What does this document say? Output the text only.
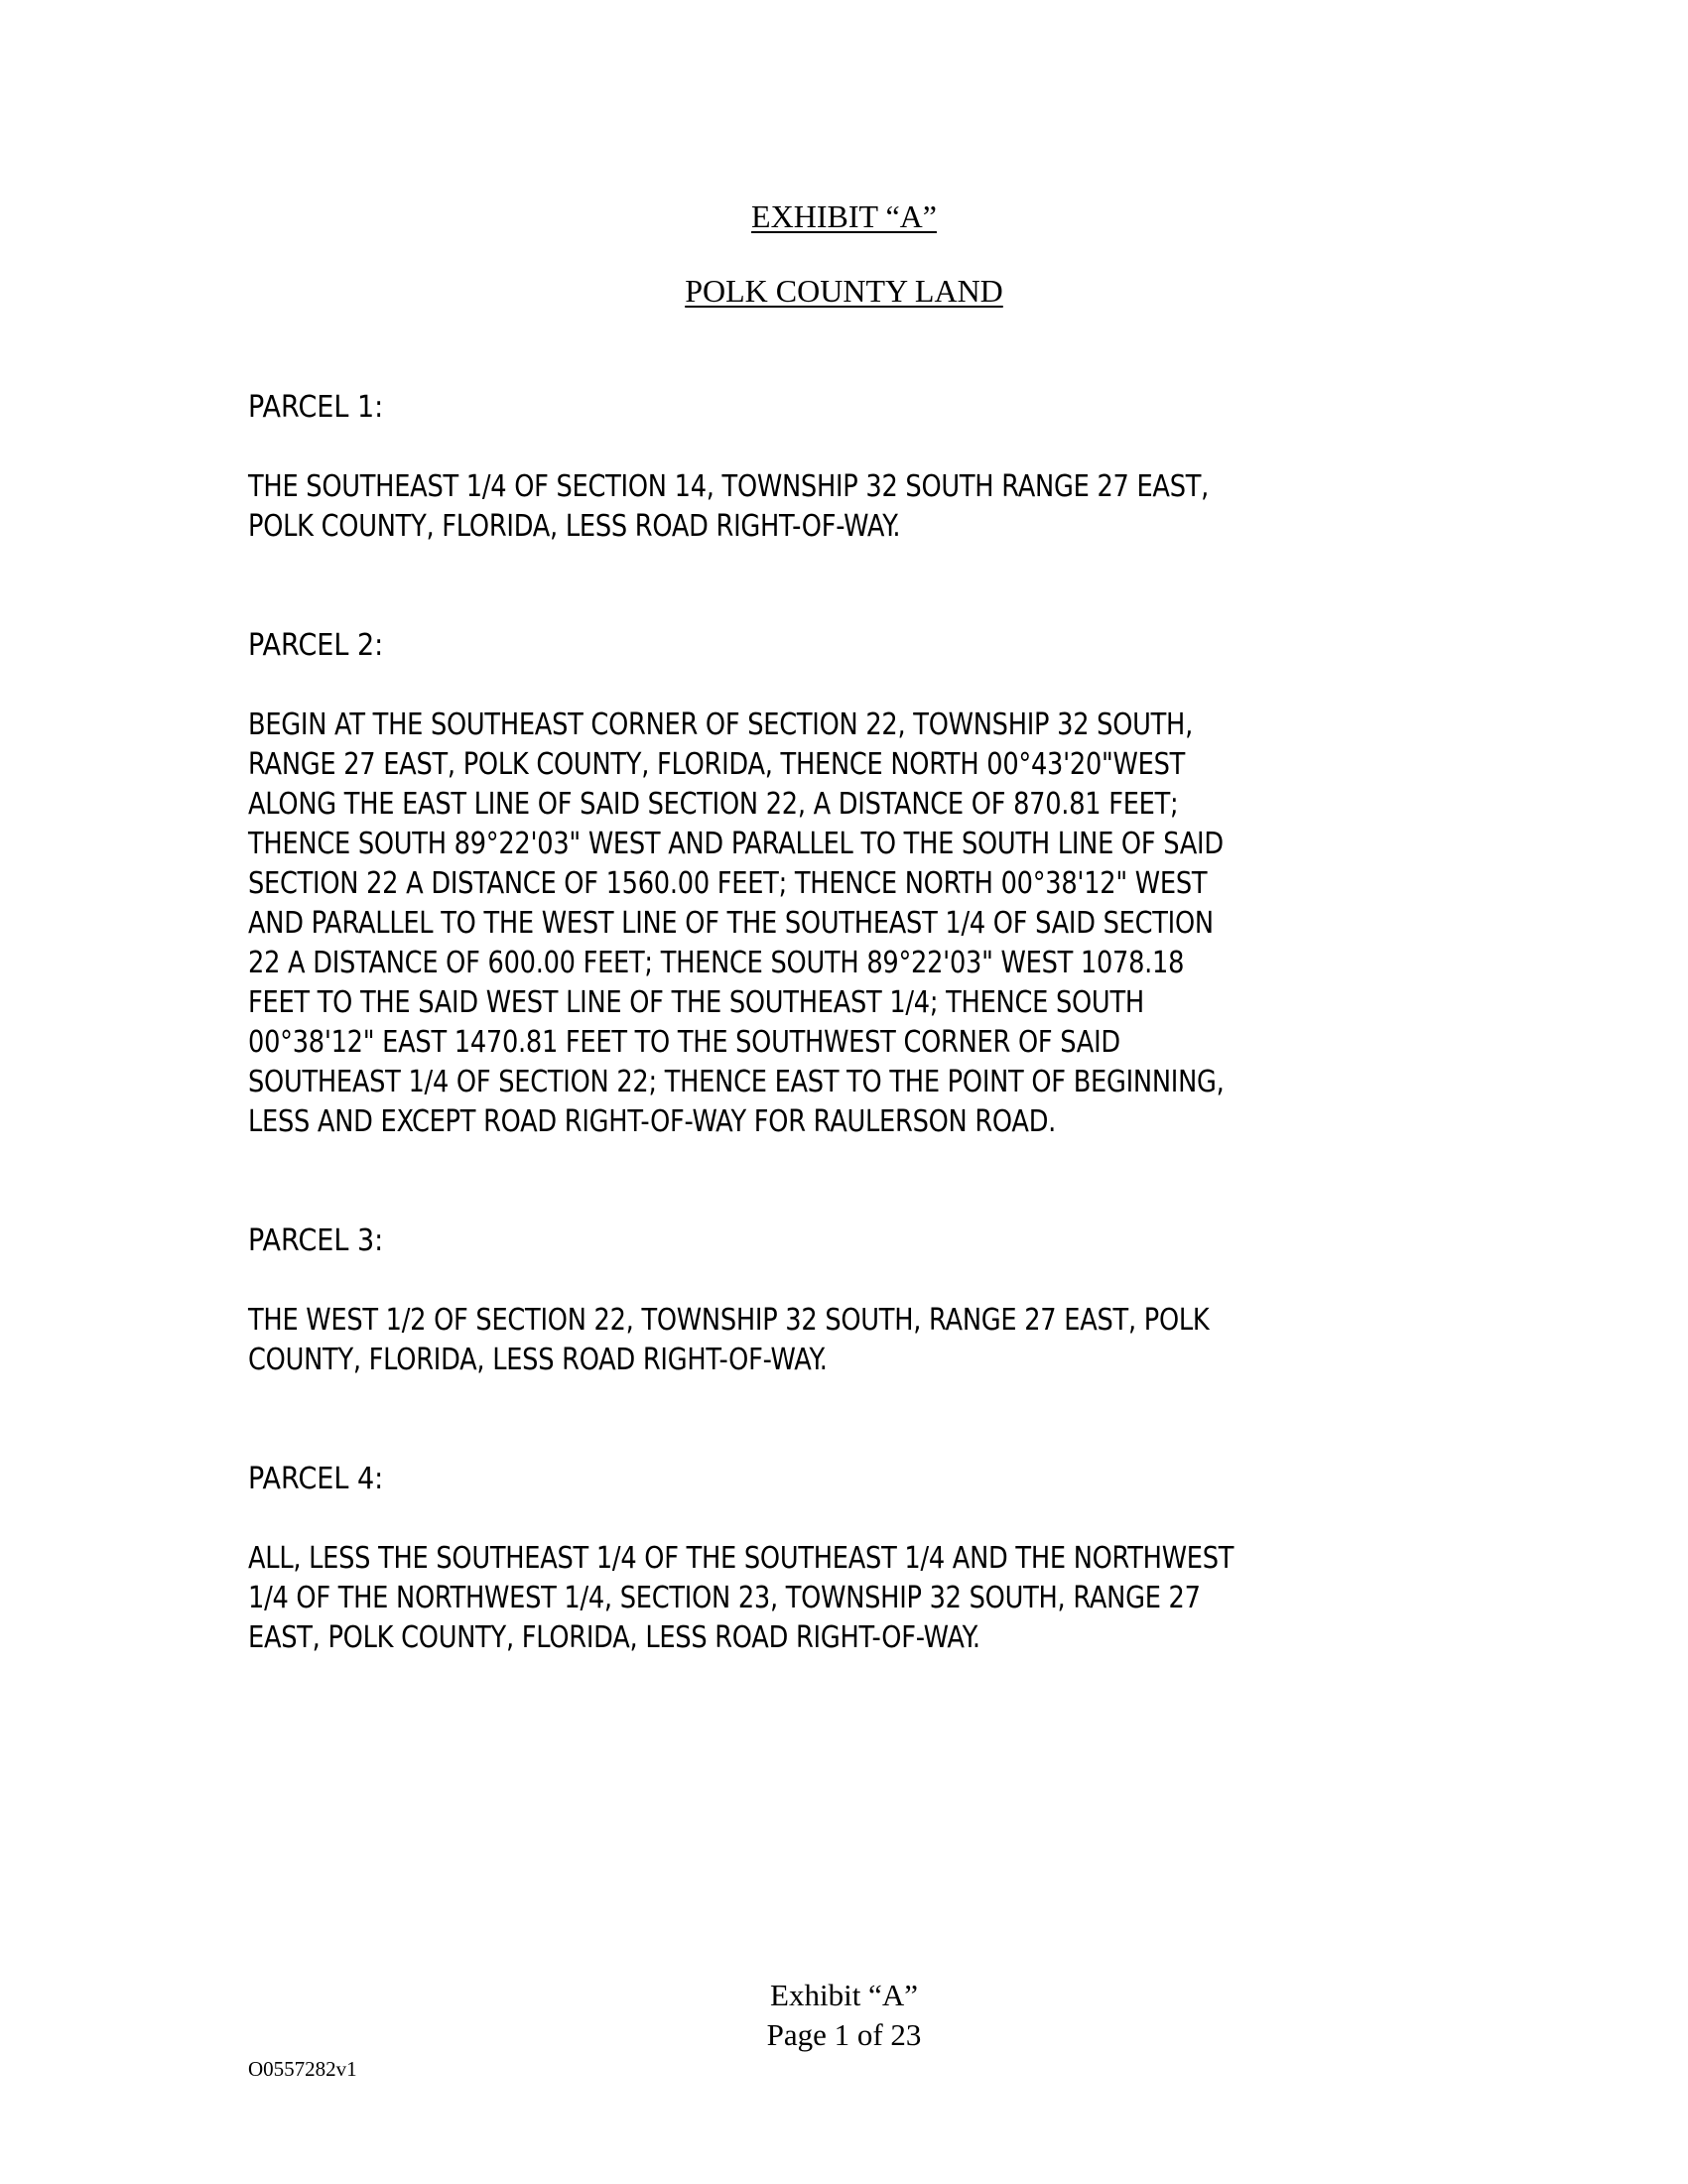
EXHIBIT “A”
POLK COUNTY LAND
PARCEL 1:
THE SOUTHEAST 1/4 OF SECTION 14, TOWNSHIP 32 SOUTH RANGE 27 EAST,
POLK COUNTY, FLORIDA, LESS ROAD RIGHT-OF-WAY.
PARCEL 2:
BEGIN AT THE SOUTHEAST CORNER OF SECTION 22, TOWNSHIP 32 SOUTH,
RANGE 27 EAST, POLK COUNTY, FLORIDA, THENCE NORTH 00°43'20"WEST
ALONG THE EAST LINE OF SAID SECTION 22, A DISTANCE OF 870.81 FEET;
THENCE SOUTH 89°22'03" WEST AND PARALLEL TO THE SOUTH LINE OF SAID
SECTION 22 A DISTANCE OF 1560.00 FEET; THENCE NORTH 00°38'12" WEST
AND PARALLEL TO THE WEST LINE OF THE SOUTHEAST 1/4 OF SAID SECTION
22 A DISTANCE OF 600.00 FEET; THENCE SOUTH 89°22'03" WEST 1078.18
FEET TO THE SAID WEST LINE OF THE SOUTHEAST 1/4; THENCE SOUTH
00°38'12" EAST 1470.81 FEET TO THE SOUTHWEST CORNER OF SAID
SOUTHEAST 1/4 OF SECTION 22; THENCE EAST TO THE POINT OF BEGINNING,
LESS AND EXCEPT ROAD RIGHT-OF-WAY FOR RAULERSON ROAD.
PARCEL 3:
THE WEST 1/2 OF SECTION 22, TOWNSHIP 32 SOUTH, RANGE 27 EAST, POLK
COUNTY, FLORIDA, LESS ROAD RIGHT-OF-WAY.
PARCEL 4:
ALL, LESS THE SOUTHEAST 1/4 OF THE SOUTHEAST 1/4 AND THE NORTHWEST
1/4 OF THE NORTHWEST 1/4, SECTION 23, TOWNSHIP 32 SOUTH, RANGE 27
EAST, POLK COUNTY, FLORIDA, LESS ROAD RIGHT-OF-WAY.
Exhibit “A”
Page 1 of 23
O0557282v1
